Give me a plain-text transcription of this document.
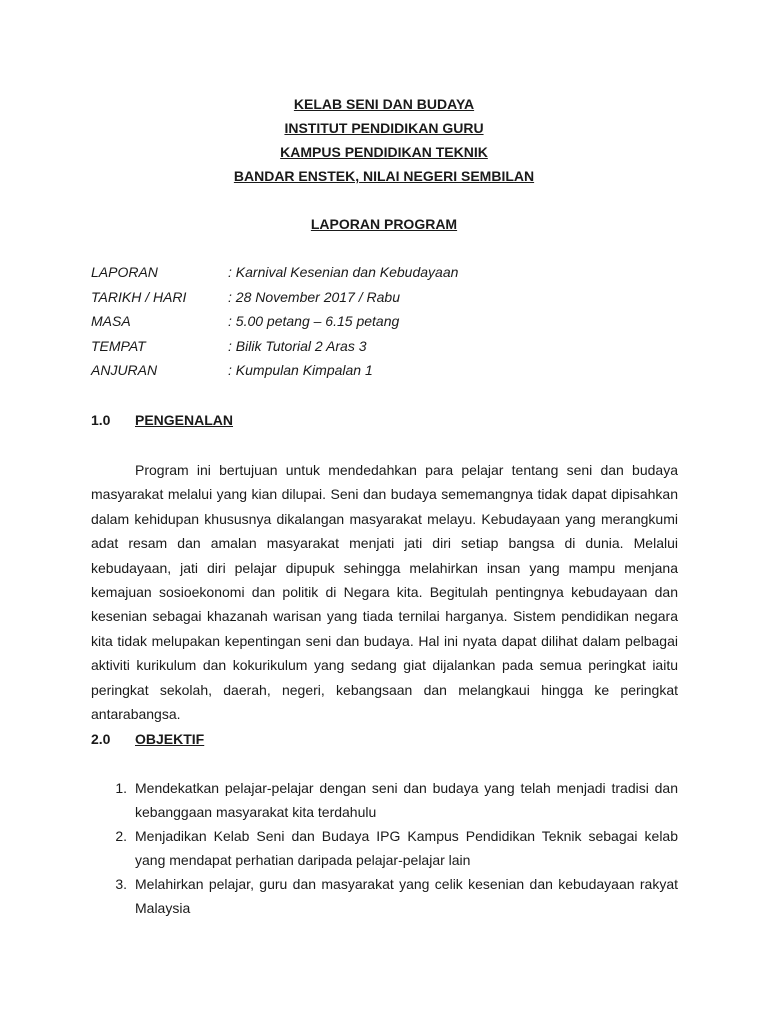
KELAB SENI DAN BUDAYA
INSTITUT PENDIDIKAN GURU
KAMPUS PENDIDIKAN TEKNIK
BANDAR ENSTEK, NILAI NEGERI SEMBILAN
LAPORAN PROGRAM
LAPORAN	: Karnival Kesenian dan Kebudayaan
TARIKH / HARI	: 28 November 2017 / Rabu
MASA	: 5.00 petang – 6.15 petang
TEMPAT	: Bilik Tutorial 2 Aras 3
ANJURAN	: Kumpulan Kimpalan 1
1.0	PENGENALAN

Program ini bertujuan untuk mendedahkan para pelajar tentang seni dan budaya masyarakat melalui yang kian dilupai. Seni dan budaya sememangnya tidak dapat dipisahkan dalam kehidupan khususnya dikalangan masyarakat melayu. Kebudayaan yang merangkumi adat resam dan amalan masyarakat menjati jati diri setiap bangsa di dunia. Melalui kebudayaan, jati diri pelajar dipupuk sehingga melahirkan insan yang mampu menjana kemajuan sosioekonomi dan politik di Negara kita. Begitulah pentingnya kebudayaan dan kesenian sebagai khazanah warisan yang tiada ternilai harganya. Sistem pendidikan negara kita tidak melupakan kepentingan seni dan budaya. Hal ini nyata dapat dilihat dalam pelbagai aktiviti kurikulum dan kokurikulum yang sedang giat dijalankan pada semua peringkat iaitu peringkat sekolah, daerah, negeri, kebangsaan dan melangkaui hingga ke peringkat antarabangsa.

2.0	OBJEKTIF
1. Mendekatkan pelajar-pelajar dengan seni dan budaya yang telah menjadi tradisi dan kebanggaan masyarakat kita terdahulu
2. Menjadikan Kelab Seni dan Budaya IPG Kampus Pendidikan Teknik sebagai kelab yang mendapat perhatian daripada pelajar-pelajar lain
3. Melahirkan pelajar, guru dan masyarakat yang celik kesenian dan kebudayaan rakyat Malaysia
